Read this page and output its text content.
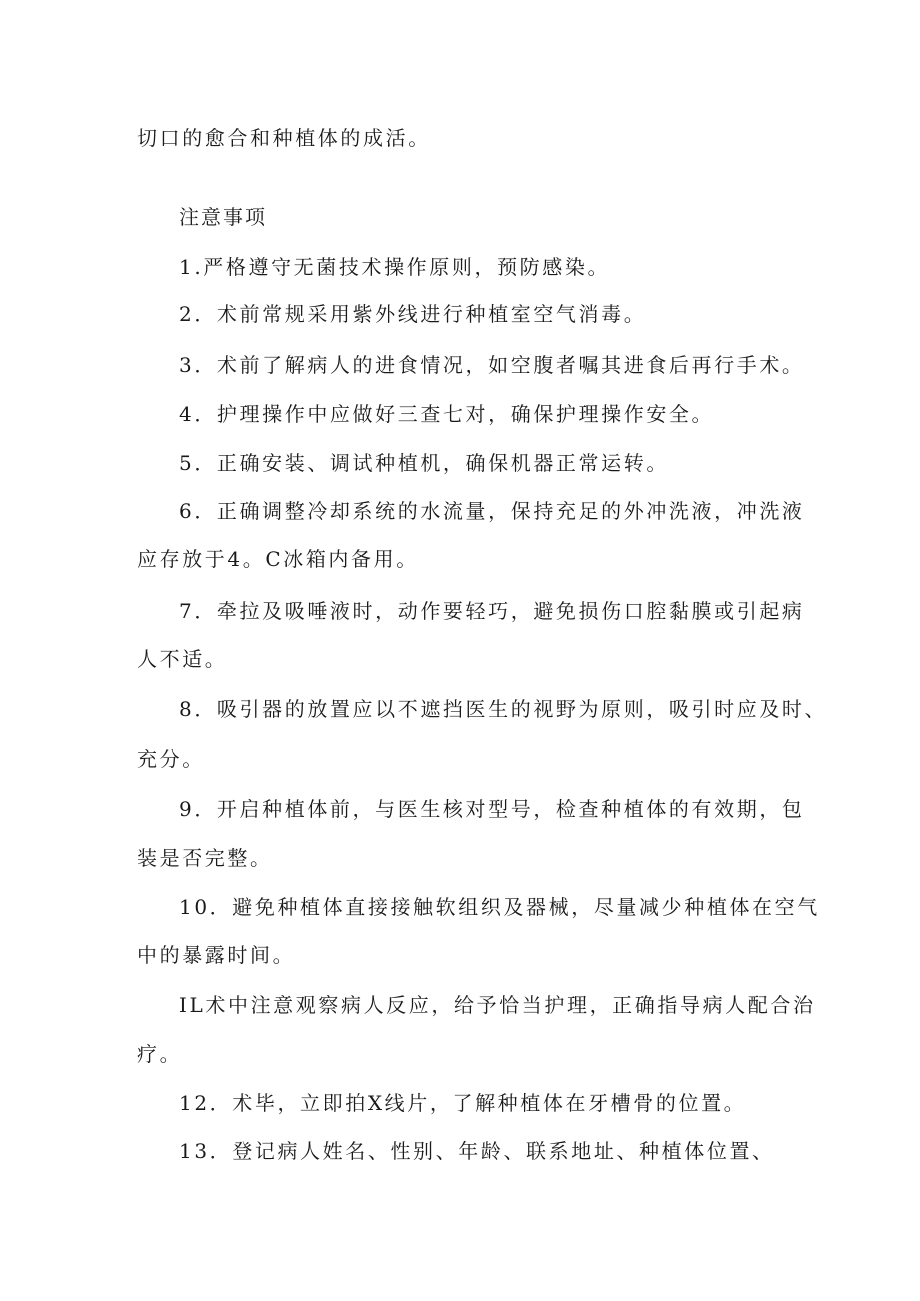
切口的愈合和种植体的成活。
注意事项
1.严格遵守无菌技术操作原则，预防感染。
2．术前常规采用紫外线进行种植室空气消毒。
3．术前了解病人的进食情况，如空腹者嘱其进食后再行手术。
4．护理操作中应做好三查七对，确保护理操作安全。
5．正确安装、调试种植机，确保机器正常运转。
6．正确调整冷却系统的水流量，保持充足的外冲洗液，冲洗液
应存放于4。C冰箱内备用。
7．牵拉及吸唾液时，动作要轻巧，避免损伤口腔黏膜或引起病
人不适。
8．吸引器的放置应以不遮挡医生的视野为原则，吸引时应及时、
充分。
9．开启种植体前，与医生核对型号，检查种植体的有效期，包
装是否完整。
10．避免种植体直接接触软组织及器械，尽量减少种植体在空气
中的暴露时间。
IL术中注意观察病人反应，给予恰当护理，正确指导病人配合治
疗。
12．术毕，立即拍X线片，了解种植体在牙槽骨的位置。
13．登记病人姓名、性别、年龄、联系地址、种植体位置、
